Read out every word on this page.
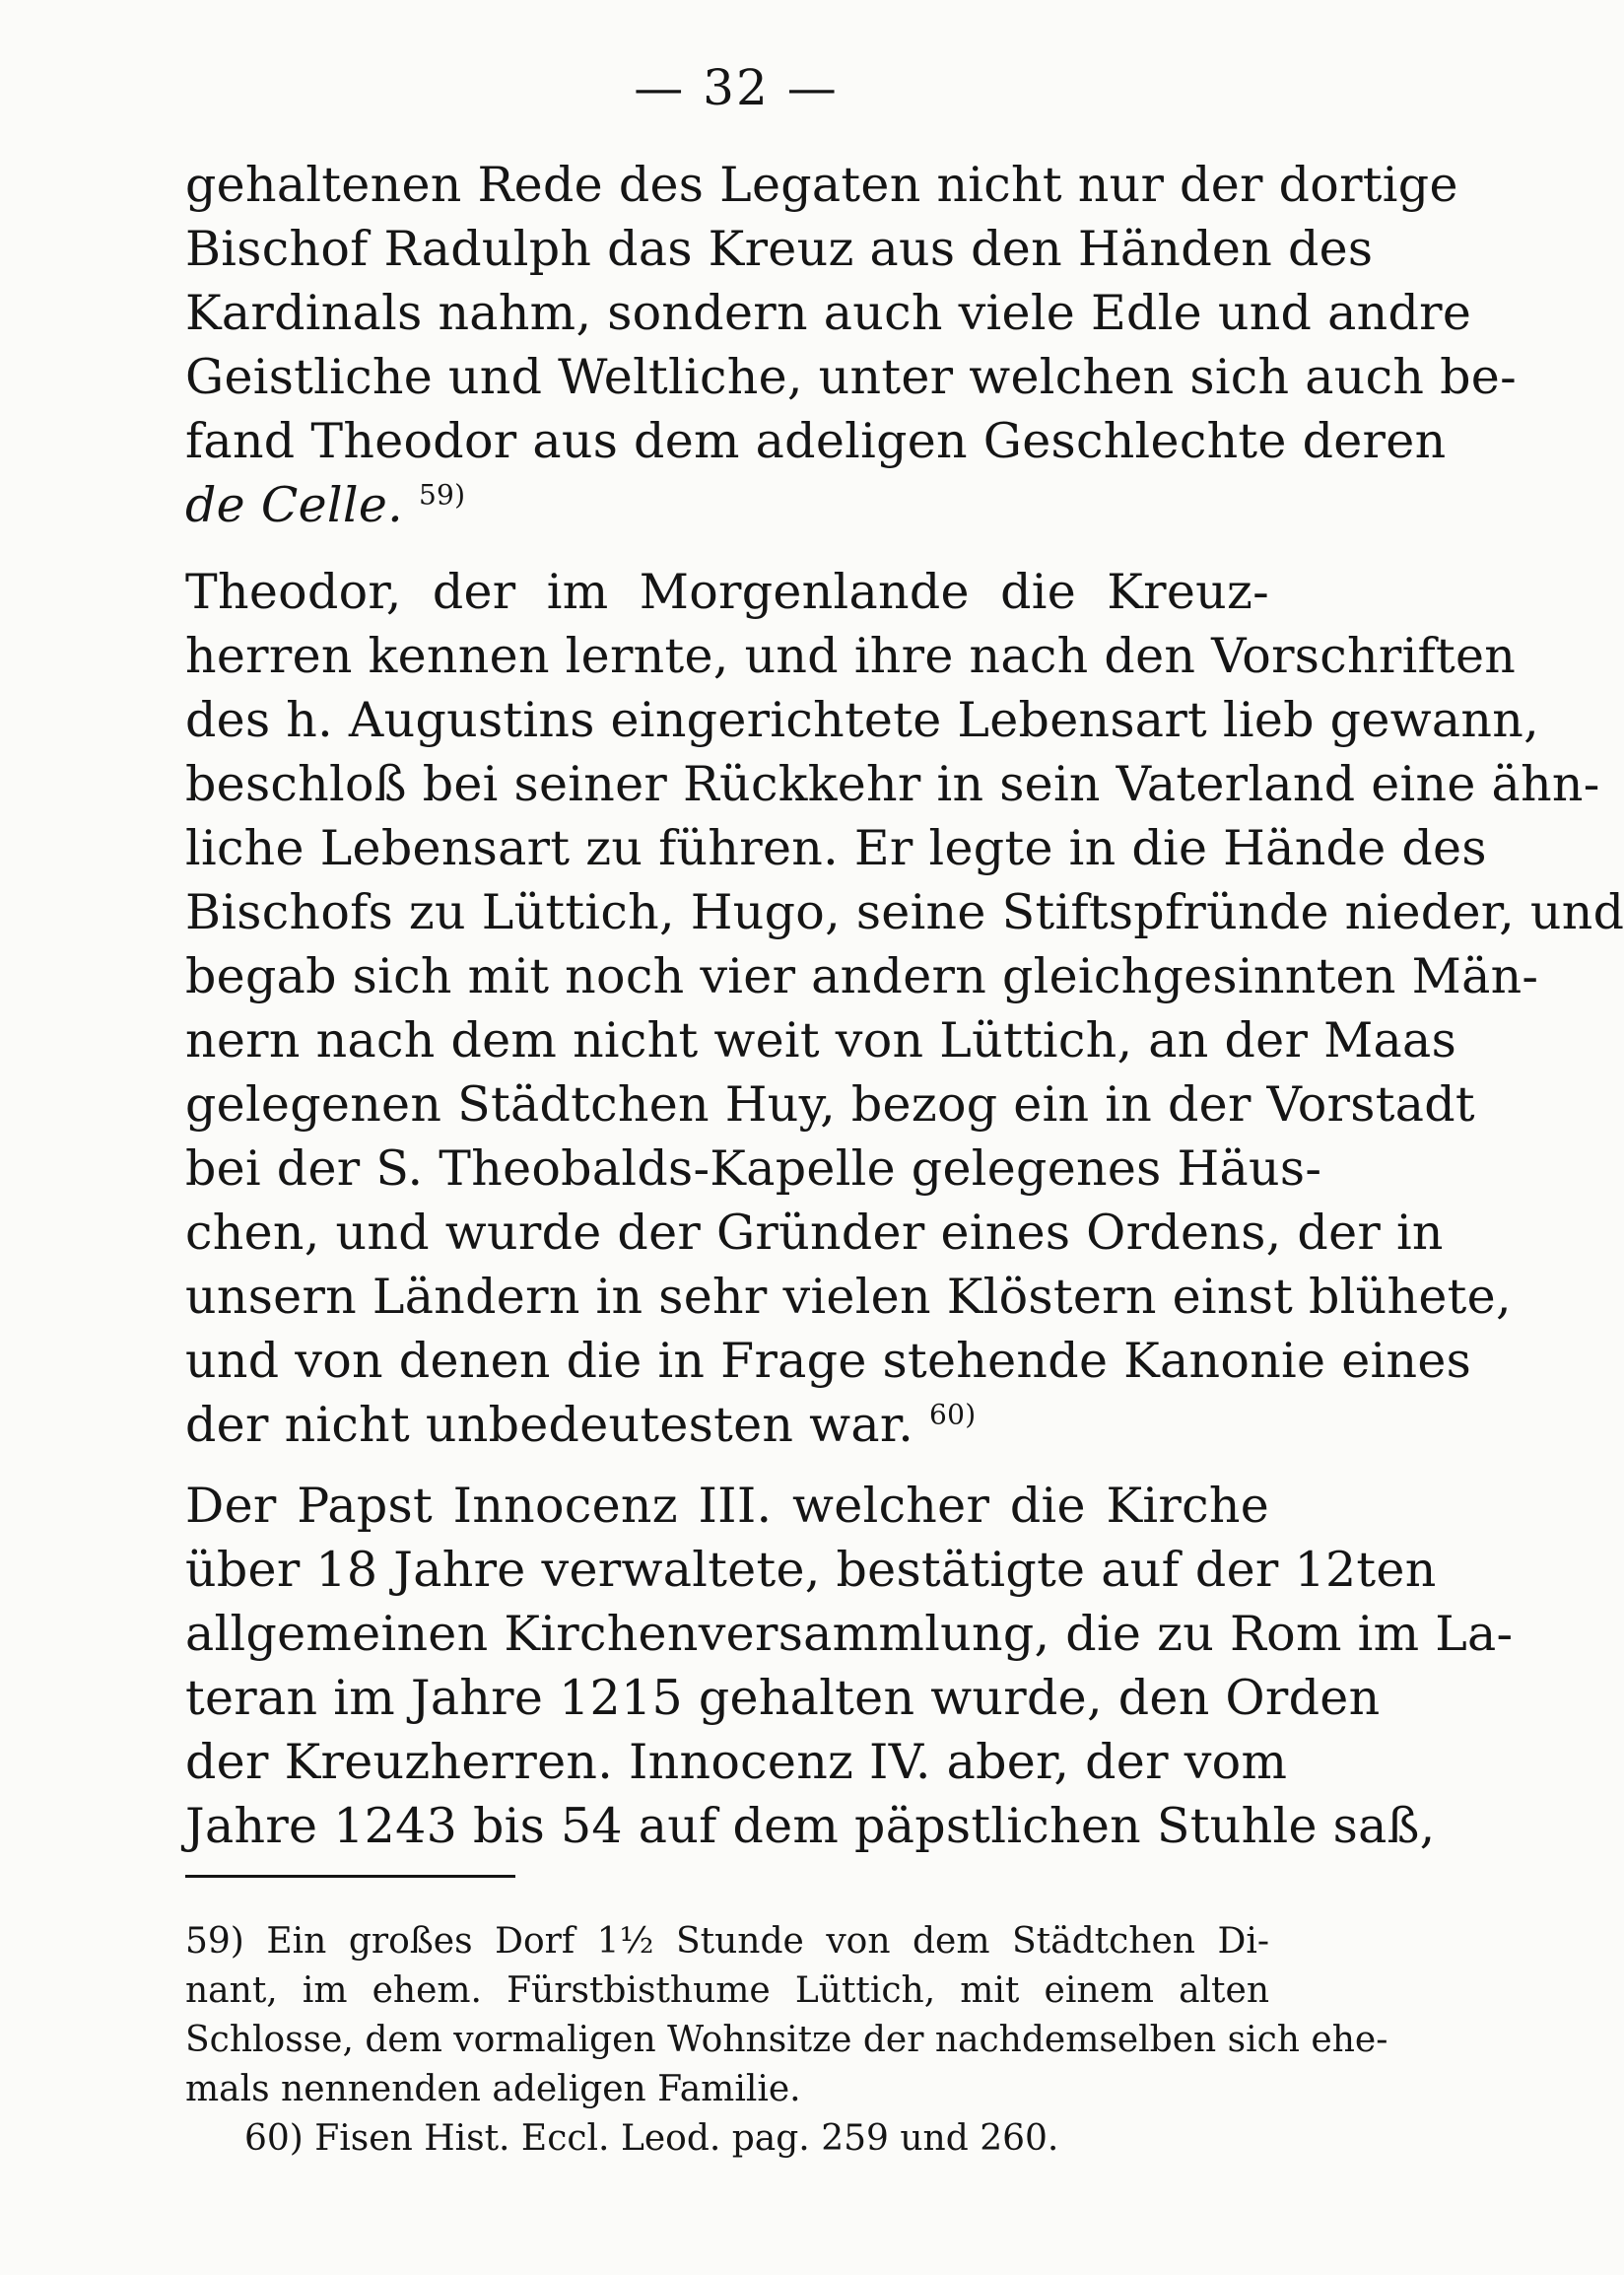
— 32 —
gehaltenen Rede des Legaten nicht nur der dortige
Bischof Radulph das Kreuz aus den Händen des
Kardinals nahm, sondern auch viele Edle und andre
Geistliche und Weltliche, unter welchen sich auch be-
fand Theodor aus dem adeligen Geschlechte deren
de Celle. $^{59)}$
Theodor, der im Morgenlande die Kreuz-
herren kennen lernte, und ihre nach den Vorschriften
des h. Augustins eingerichtete Lebensart lieb gewann,
beschloß bei seiner Rückkehr in sein Vaterland eine ähn-
liche Lebensart zu führen. Er legte in die Hände des
Bischofs zu Lüttich, Hugo, seine Stiftspfründe nieder, und
begab sich mit noch vier andern gleichgesinnten Män-
nern nach dem nicht weit von Lüttich, an der Maas
gelegenen Städtchen Huy, bezog ein in der Vorstadt
bei der S. Theobalds-Kapelle gelegenes Häus-
chen, und wurde der Gründer eines Ordens, der in
unsern Ländern in sehr vielen Klöstern einst blühete,
und von denen die in Frage stehende Kanonie eines
der nicht unbedeutesten war. $^{60)}$
Der Papst Innocenz III. welcher die Kirche
über 18 Jahre verwaltete, bestätigte auf der 12ten
allgemeinen Kirchenversammlung, die zu Rom im La-
teran im Jahre 1215 gehalten wurde, den Orden
der Kreuzherren. Innocenz IV. aber, der vom
Jahre 1243 bis 54 auf dem päpstlichen Stuhle saß,
59) Ein großes Dorf 1½ Stunde von dem Städtchen Di-
nant, im ehem. Fürstbisthume Lüttich, mit einem alten
Schlosse, dem vormaligen Wohnsitze der nachdemselben sich ehe-
mals nennenden adeligen Familie.
60) Fisen Hist. Eccl. Leod. pag. 259 und 260.
